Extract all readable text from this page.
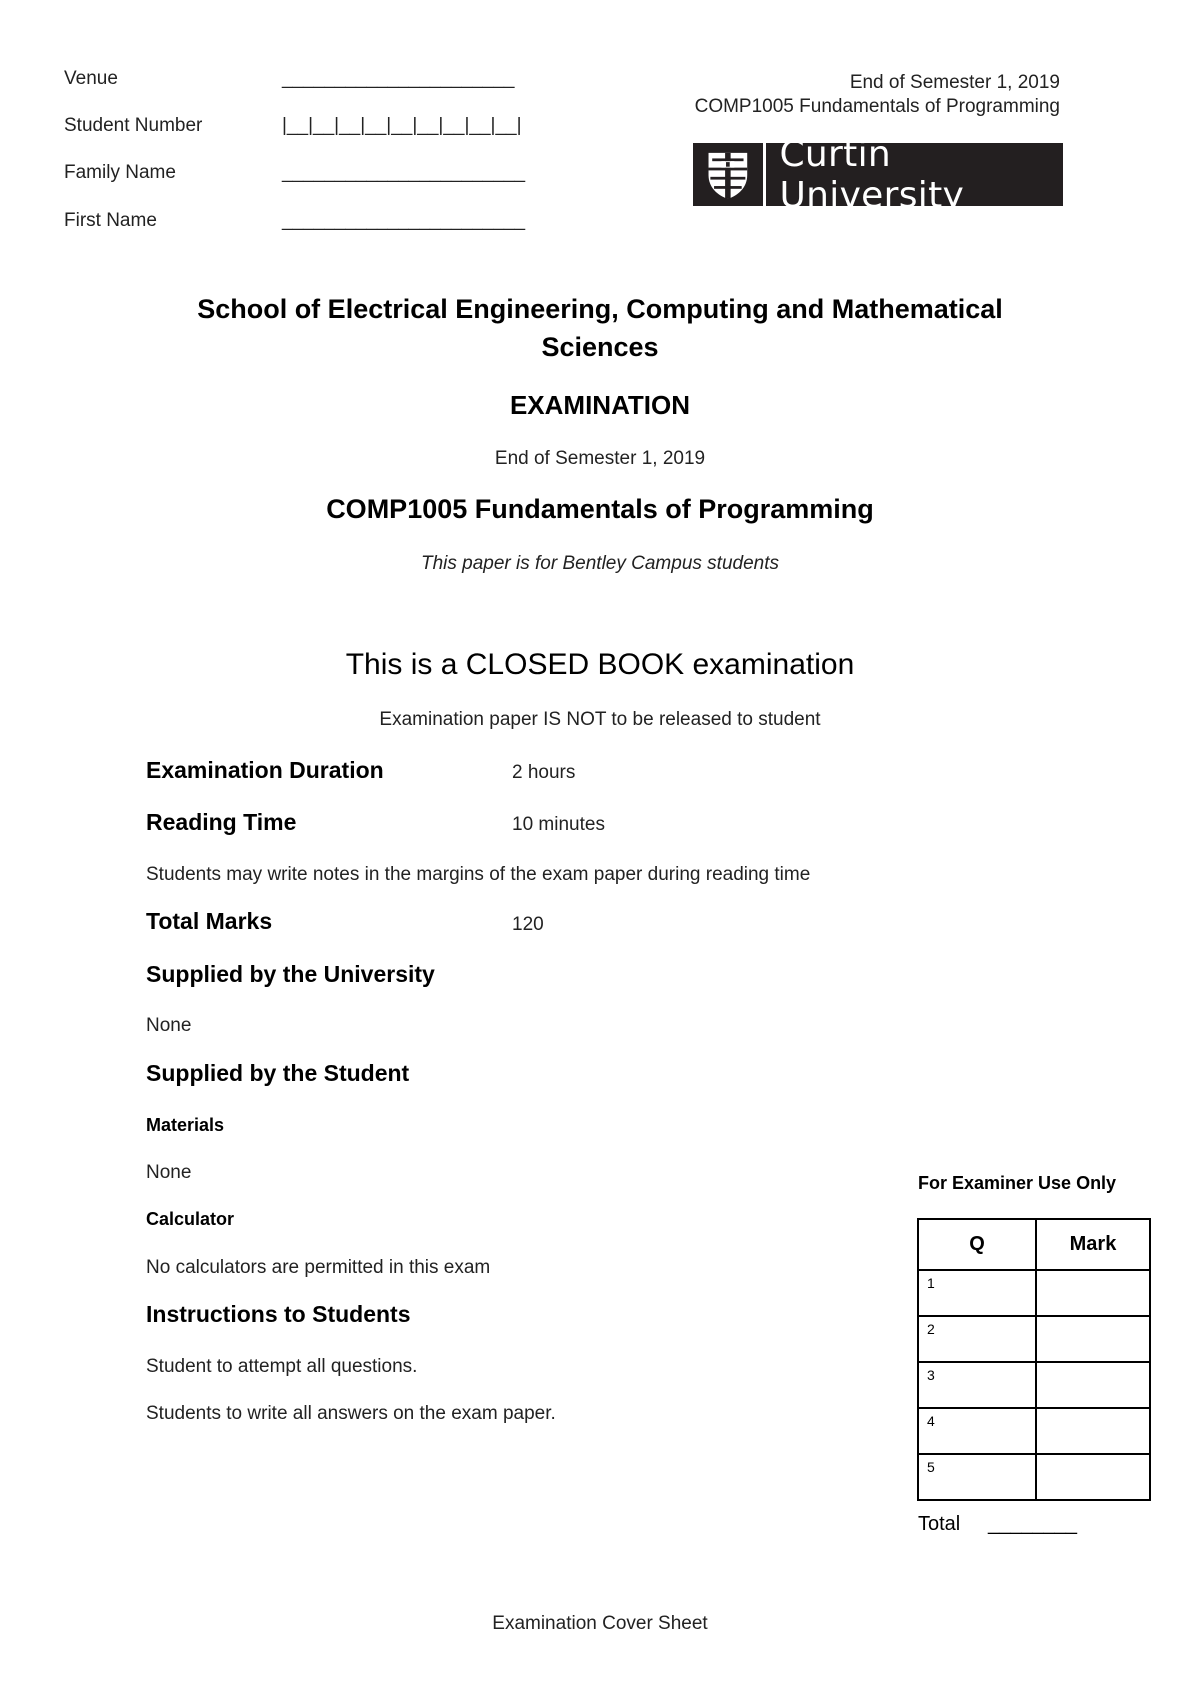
Venue	______________________
Student Number	|__|__|__|__|__|__|__|__|__|
Family Name	_______________________
First Name	_______________________
End of Semester 1, 2019
COMP1005 Fundamentals of Programming
Curtin University
School of Electrical Engineering, Computing and Mathematical Sciences
EXAMINATION
End of Semester 1, 2019
COMP1005 Fundamentals of Programming
This paper is for Bentley Campus students
This is a CLOSED BOOK examination
Examination paper IS NOT to be released to student
Examination Duration	2 hours
Reading Time	10 minutes
Students may write notes in the margins of the exam paper during reading time
Total Marks	120
Supplied by the University
None
Supplied by the Student
Materials
None
Calculator
No calculators are permitted in this exam
Instructions to Students
Student to attempt all questions.
Students to write all answers on the exam paper.
For Examiner Use Only
Q	Mark
1	
2	
3	
4	
5	
Total ________
Examination Cover Sheet
